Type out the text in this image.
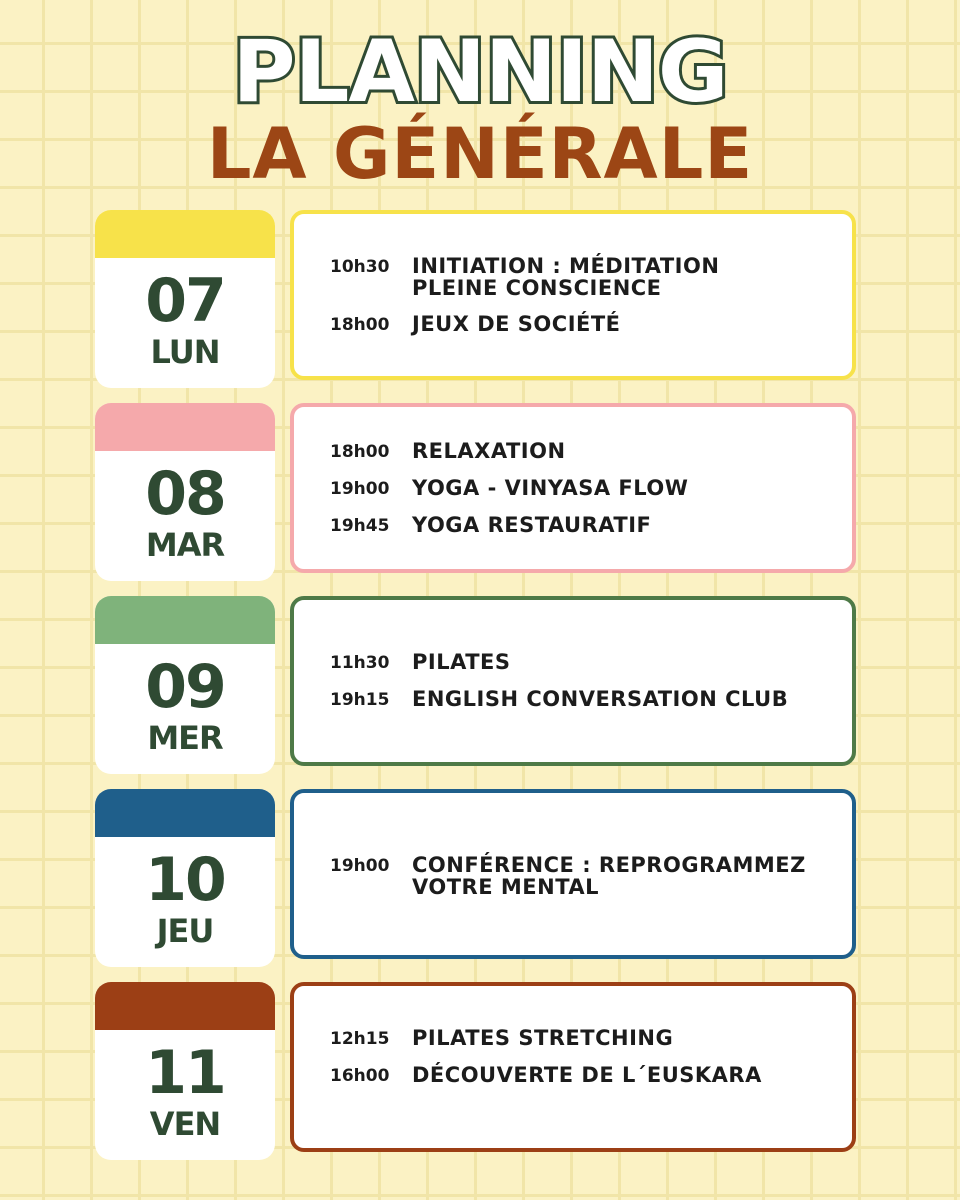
PLANNING
LA GÉNÉRALE
07
LUN
10h30	INITIATION : MÉDITATION PLEINE CONSCIENCE
18h00	JEUX DE SOCIÉTÉ
08
MAR
18h00	RELAXATION
19h00	YOGA - VINYASA FLOW
19h45	YOGA RESTAURATIF
09
MER
11h30	PILATES
19h15	ENGLISH CONVERSATION CLUB
10
JEU
19h00	CONFÉRENCE : REPROGRAMMEZ VOTRE MENTAL
11
VEN
12h15	PILATES STRETCHING
16h00	DÉCOUVERTE DE L´EUSKARA
